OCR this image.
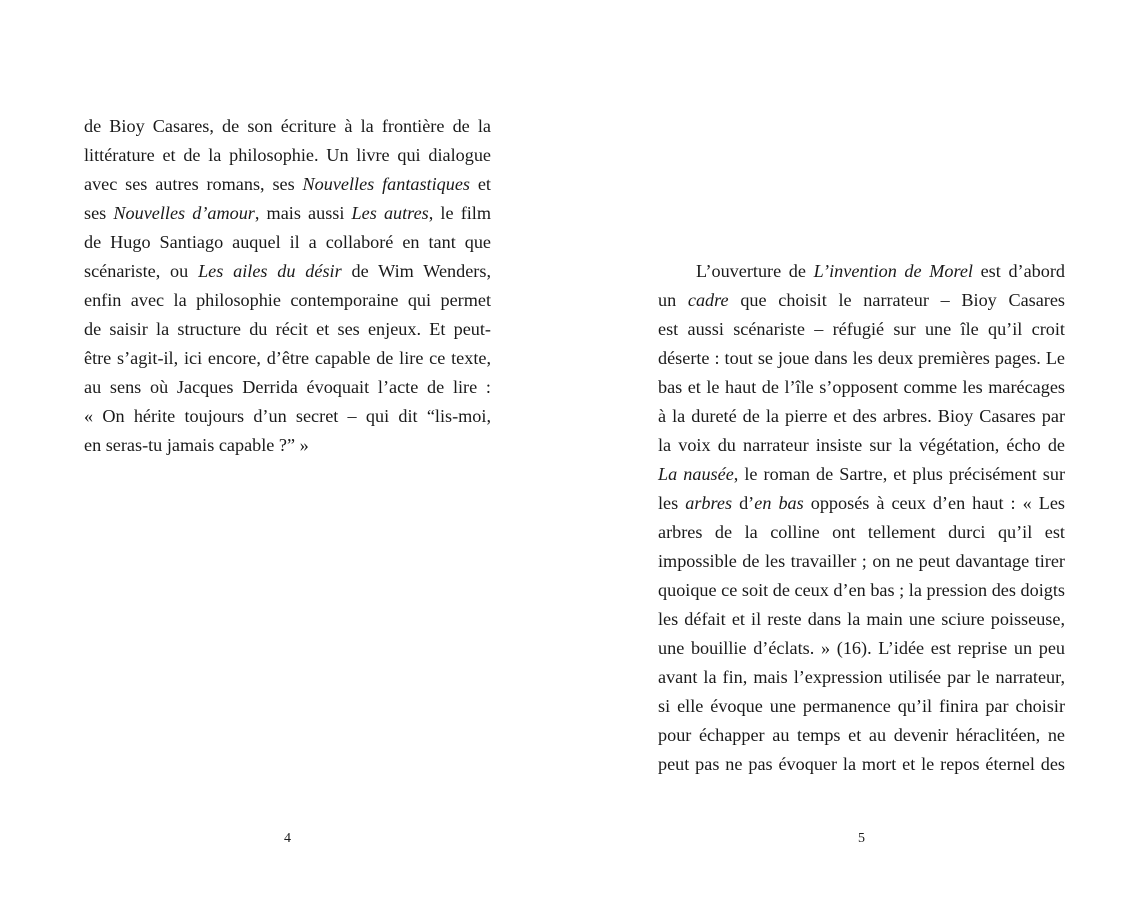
de Bioy Casares, de son écriture à la frontière de la
littérature et de la philosophie. Un livre qui dialogue
avec ses autres romans, ses Nouvelles fantastiques et
ses Nouvelles d’amour, mais aussi Les autres, le film
de Hugo Santiago auquel il a collaboré en tant que
scénariste, ou Les ailes du désir de Wim Wenders,
enfin avec la philosophie contemporaine qui permet
de saisir la structure du récit et ses enjeux. Et peut-
être s’agit-il, ici encore, d’être capable de lire ce texte,
au sens où Jacques Derrida évoquait l’acte de lire :
« On hérite toujours d’un secret – qui dit “lis-moi,
en seras-tu jamais capable ?” »
4
L’ouverture de L’invention de Morel est d’abord
un cadre que choisit le narrateur – Bioy Casares
est aussi scénariste – réfugié sur une île qu’il croit
déserte : tout se joue dans les deux premières pages. Le
bas et le haut de l’île s’opposent comme les marécages
à la dureté de la pierre et des arbres. Bioy Casares par
la voix du narrateur insiste sur la végétation, écho de
La nausée, le roman de Sartre, et plus précisément sur
les arbres d’en bas opposés à ceux d’en haut : « Les
arbres de la colline ont tellement durci qu’il est
impossible de les travailler ; on ne peut davantage tirer
quoique ce soit de ceux d’en bas ; la pression des doigts
les défait et il reste dans la main une sciure poisseuse,
une bouillie d’éclats. » (16). L’idée est reprise un peu
avant la fin, mais l’expression utilisée par le narrateur,
si elle évoque une permanence qu’il finira par choisir
pour échapper au temps et au devenir héraclitéen, ne
peut pas ne pas évoquer la mort et le repos éternel des
5
